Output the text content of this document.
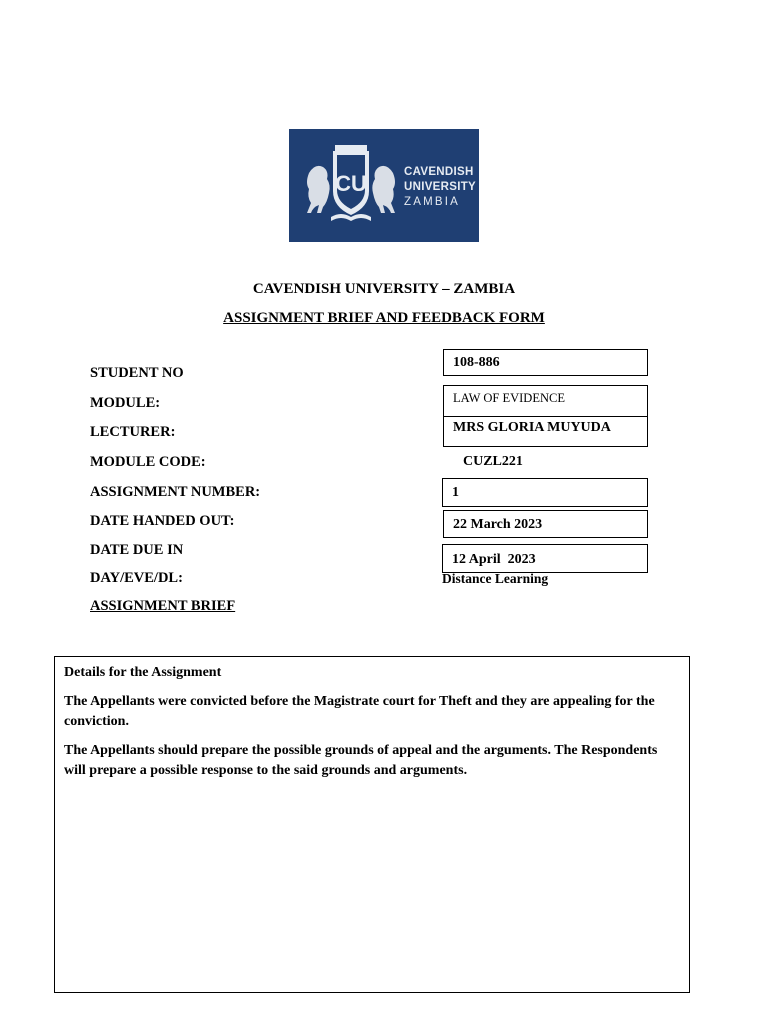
CU	CAVENDISH
UNIVERSITY
ZAMBIA
CAVENDISH UNIVERSITY – ZAMBIA
ASSIGNMENT BRIEF AND FEEDBACK FORM
STUDENT NO
MODULE:
LECTURER:
MODULE CODE:
ASSIGNMENT NUMBER:
DATE HANDED OUT:
DATE DUE IN
DAY/EVE/DL:
ASSIGNMENT BRIEF
108-886
LAW OF EVIDENCE
MRS GLORIA MUYUDA
CUZL221
1
22 March 2023
12 April  2023
Distance Learning

Details for the Assignment

The Appellants were convicted before the Magistrate court for Theft and they are appealing for the conviction.

The Appellants should prepare the possible grounds of appeal and the arguments. The Respondents will prepare a possible response to the said grounds and arguments.
